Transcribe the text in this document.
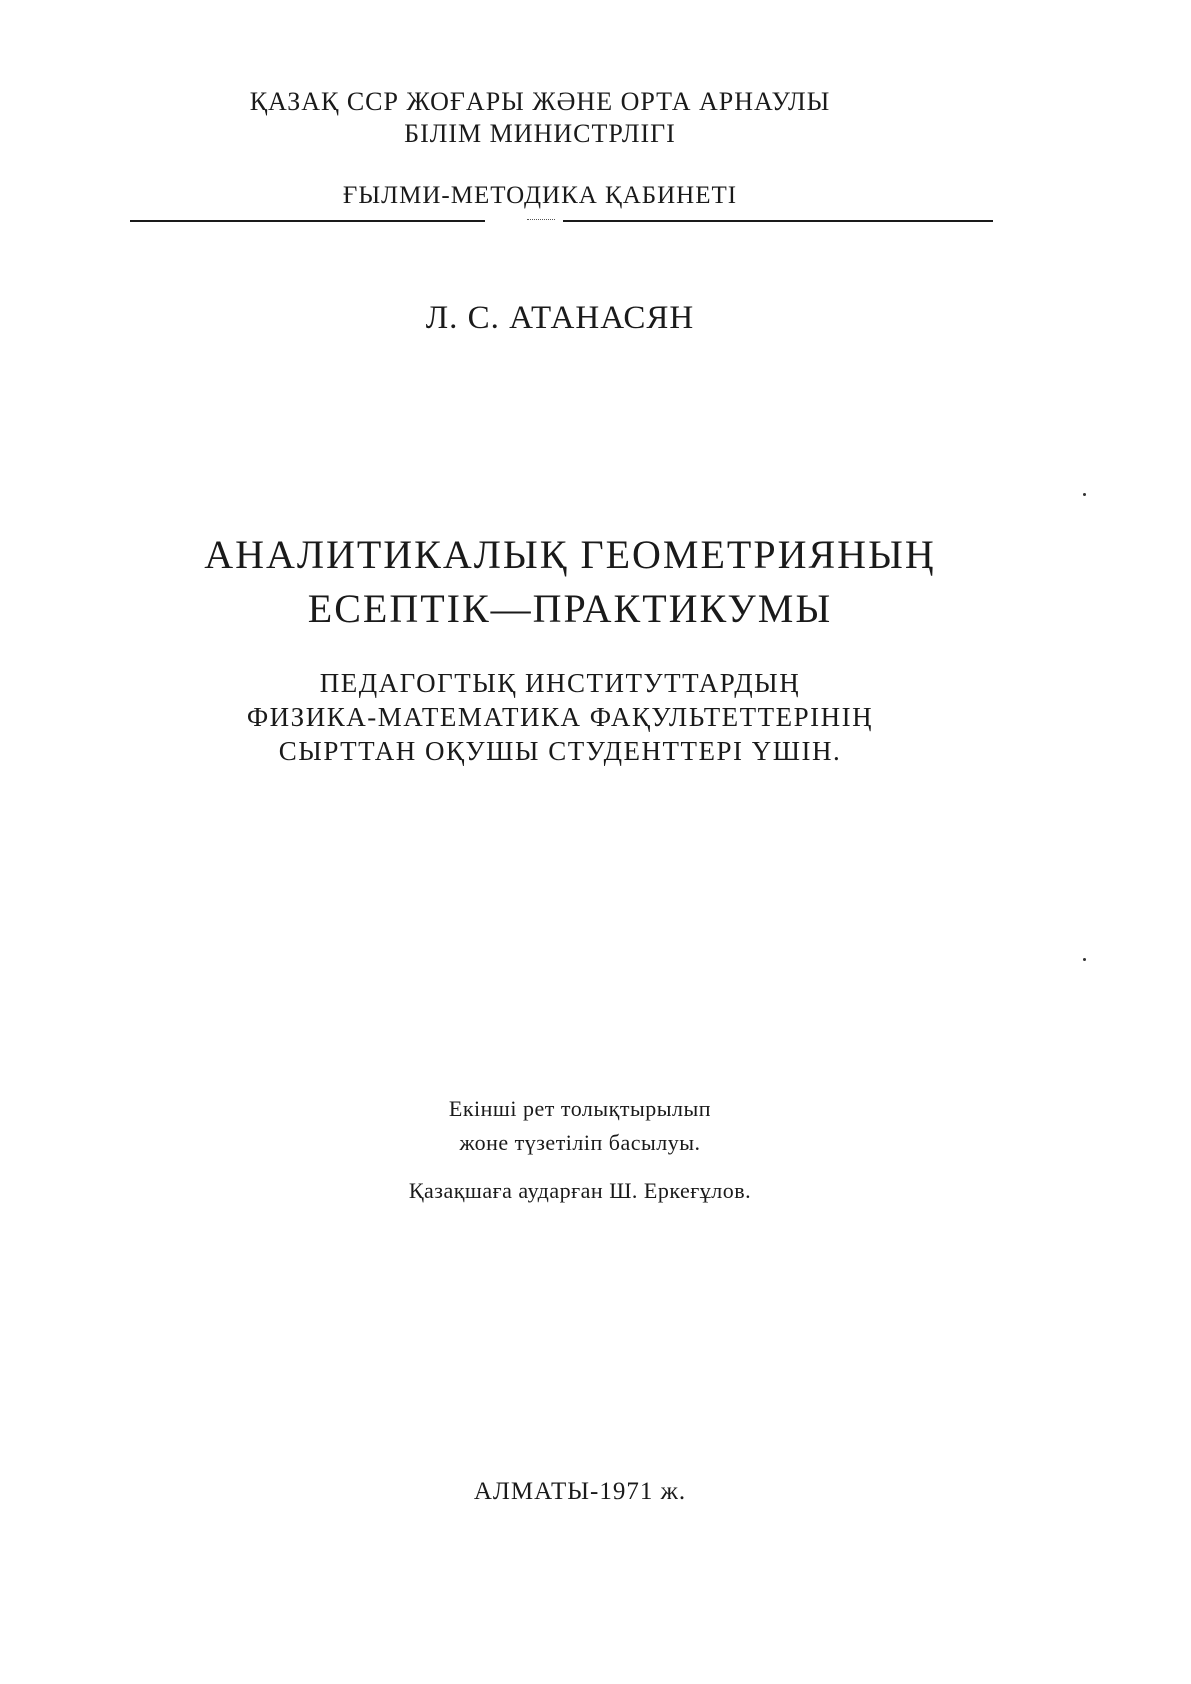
ҚАЗАҚ ССР ЖОҒАРЫ ЖӘНЕ ОРТА АРНАУЛЫ
БІЛІМ МИНИСТРЛІГІ
ҒЫЛМИ-МЕТОДИКА ҚАБИНЕТІ
Л. С. АТАНАСЯН
АНАЛИТИКАЛЫҚ ГЕОМЕТРИЯНЫҢ
ЕСЕПТІК—ПРАКТИКУМЫ
ПЕДАГОГТЫҚ ИНСТИТУТТАРДЫҢ
ФИЗИКА-МАТЕМАТИКА ФАҚУЛЬТЕТТЕРІНІҢ
СЫРТТАН ОҚУШЫ СТУДЕНТТЕРІ ҮШІН.
Екінші рет толықтырылып
жоне түзетіліп басылуы.
Қазақшаға аударған Ш. Еркеғұлов.
АЛМАТЫ-1971 ж.
